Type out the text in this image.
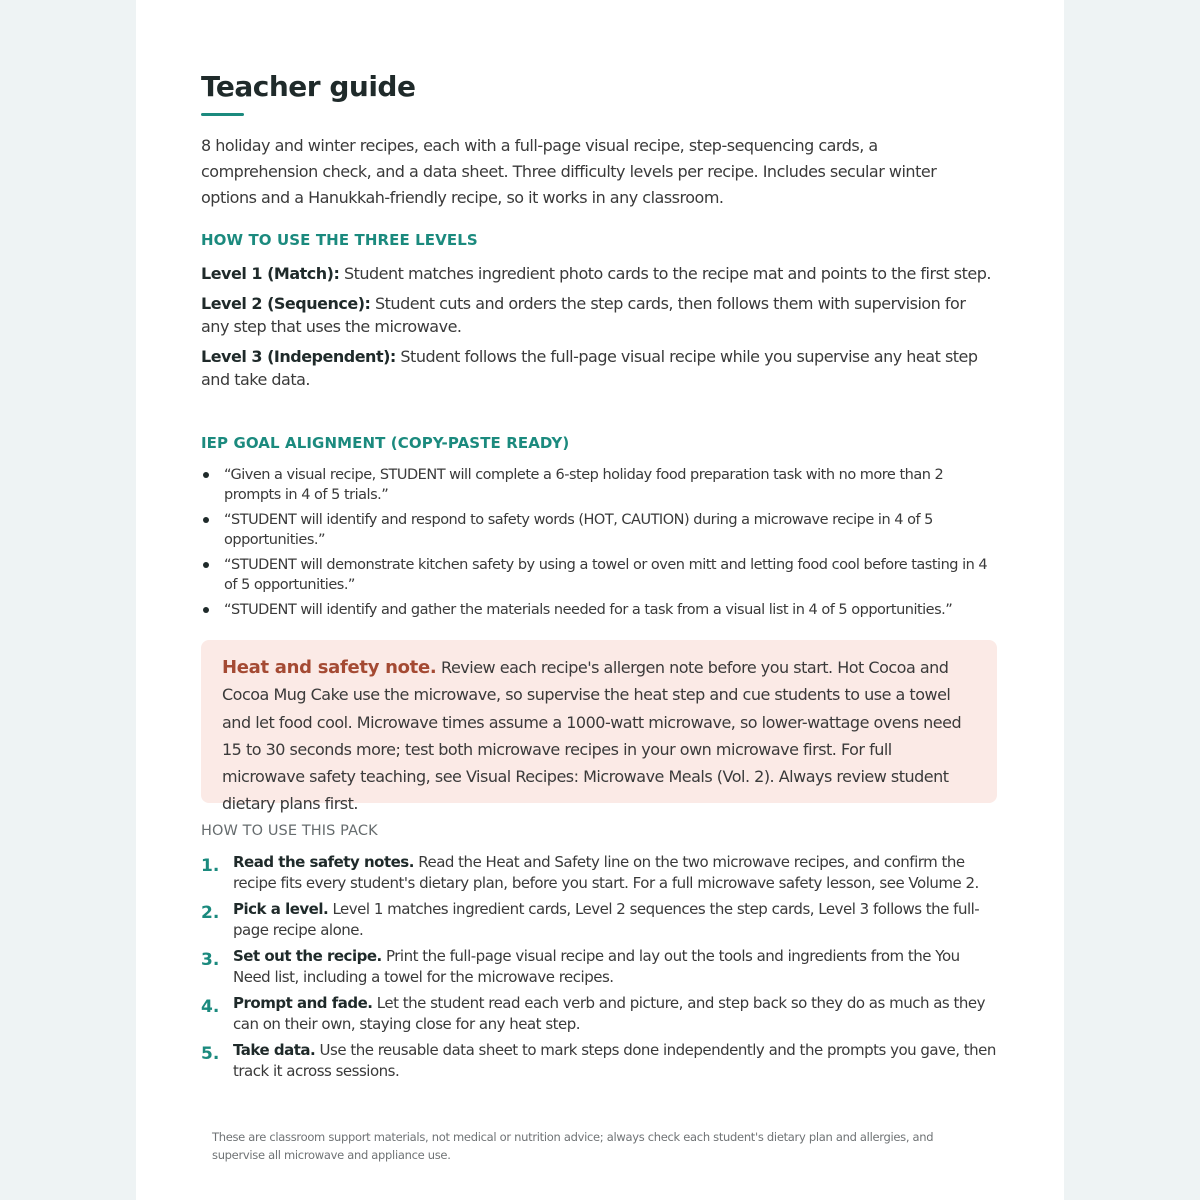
Teacher guide

8 holiday and winter recipes, each with a full-page visual recipe, step-sequencing cards, a comprehension check, and a data sheet. Three difficulty levels per recipe. Includes secular winter options and a Hanukkah-friendly recipe, so it works in any classroom.

HOW TO USE THE THREE LEVELS

Level 1 (Match): Student matches ingredient photo cards to the recipe mat and points to the first step.

Level 2 (Sequence): Student cuts and orders the step cards, then follows them with supervision for any step that uses the microwave.

Level 3 (Independent): Student follows the full-page visual recipe while you supervise any heat step and take data.

IEP GOAL ALIGNMENT (COPY-PASTE READY)
“Given a visual recipe, STUDENT will complete a 6-step holiday food preparation task with no more than 2 prompts in 4 of 5 trials.”
“STUDENT will identify and respond to safety words (HOT, CAUTION) during a microwave recipe in 4 of 5 opportunities.”
“STUDENT will demonstrate kitchen safety by using a towel or oven mitt and letting food cool before tasting in 4 of 5 opportunities.”
“STUDENT will identify and gather the materials needed for a task from a visual list in 4 of 5 opportunities.”

Heat and safety note. Review each recipe's allergen note before you start. Hot Cocoa and Cocoa Mug Cake use the microwave, so supervise the heat step and cue students to use a towel and let food cool. Microwave times assume a 1000-watt microwave, so lower-wattage ovens need 15 to 30 seconds more; test both microwave recipes in your own microwave first. For full microwave safety teaching, see Visual Recipes: Microwave Meals (Vol. 2). Always review student dietary plans first.

HOW TO USE THIS PACK
1. Read the safety notes. Read the Heat and Safety line on the two microwave recipes, and confirm the recipe fits every student's dietary plan, before you start. For a full microwave safety lesson, see Volume 2.
2. Pick a level. Level 1 matches ingredient cards, Level 2 sequences the step cards, Level 3 follows the full-page recipe alone.
3. Set out the recipe. Print the full-page visual recipe and lay out the tools and ingredients from the You Need list, including a towel for the microwave recipes.
4. Prompt and fade. Let the student read each verb and picture, and step back so they do as much as they can on their own, staying close for any heat step.
5. Take data. Use the reusable data sheet to mark steps done independently and the prompts you gave, then track it across sessions.

These are classroom support materials, not medical or nutrition advice; always check each student's dietary plan and allergies, and supervise all microwave and appliance use.
